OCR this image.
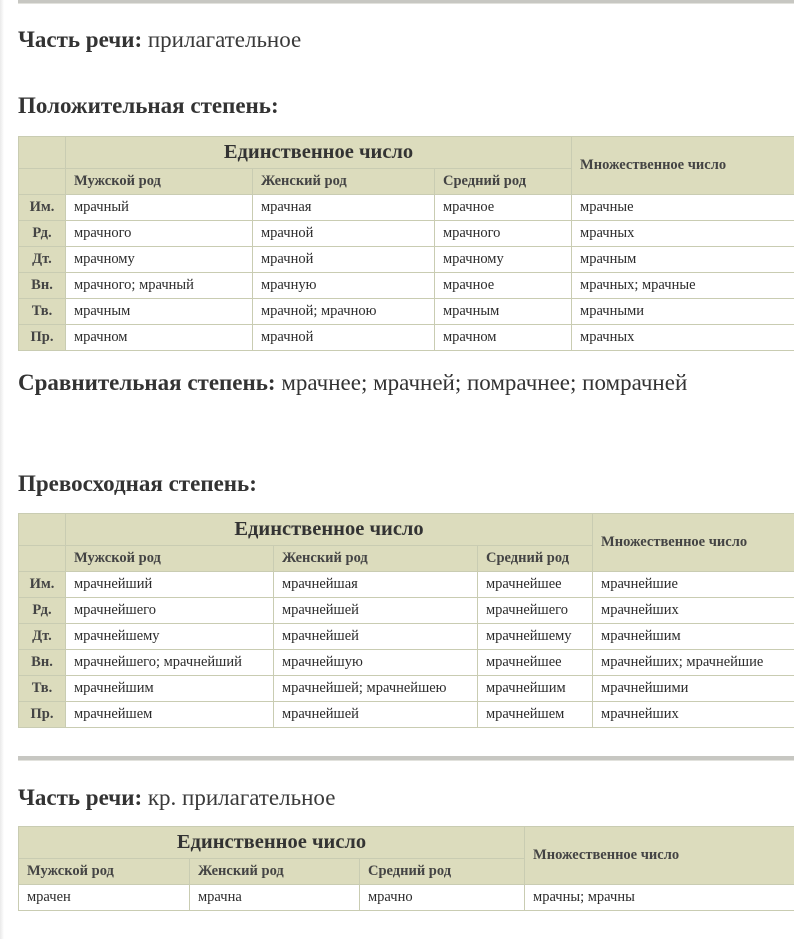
Часть речи: прилагательное
Положительная степень:
	Единственное число			Множественное число
	Мужской род	Женский род	Средний род	
Им.	мрачный	мрачная	мрачное	мрачные
Рд.	мрачного	мрачной	мрачного	мрачных
Дт.	мрачному	мрачной	мрачному	мрачным
Вн.	мрачного; мрачный	мрачную	мрачное	мрачных; мрачные
Тв.	мрачным	мрачной; мрачною	мрачным	мрачными
Пр.	мрачном	мрачной	мрачном	мрачных
Сравнительная степень: мрачнее; мрачней; помрачнее; помрачней
Превосходная степень:
	Единственное число			Множественное число
	Мужской род	Женский род	Средний род	
Им.	мрачнейший	мрачнейшая	мрачнейшее	мрачнейшие
Рд.	мрачнейшего	мрачнейшей	мрачнейшего	мрачнейших
Дт.	мрачнейшему	мрачнейшей	мрачнейшему	мрачнейшим
Вн.	мрачнейшего; мрачнейший	мрачнейшую	мрачнейшее	мрачнейших; мрачнейшие
Тв.	мрачнейшим	мрачнейшей; мрачнейшею	мрачнейшим	мрачнейшими
Пр.	мрачнейшем	мрачнейшей	мрачнейшем	мрачнейших
Часть речи: кр. прилагательное
Единственное число			Множественное число
Мужской род	Женский род	Средний род	
мрачен	мрачна	мрачно	мрачны; мрачны
